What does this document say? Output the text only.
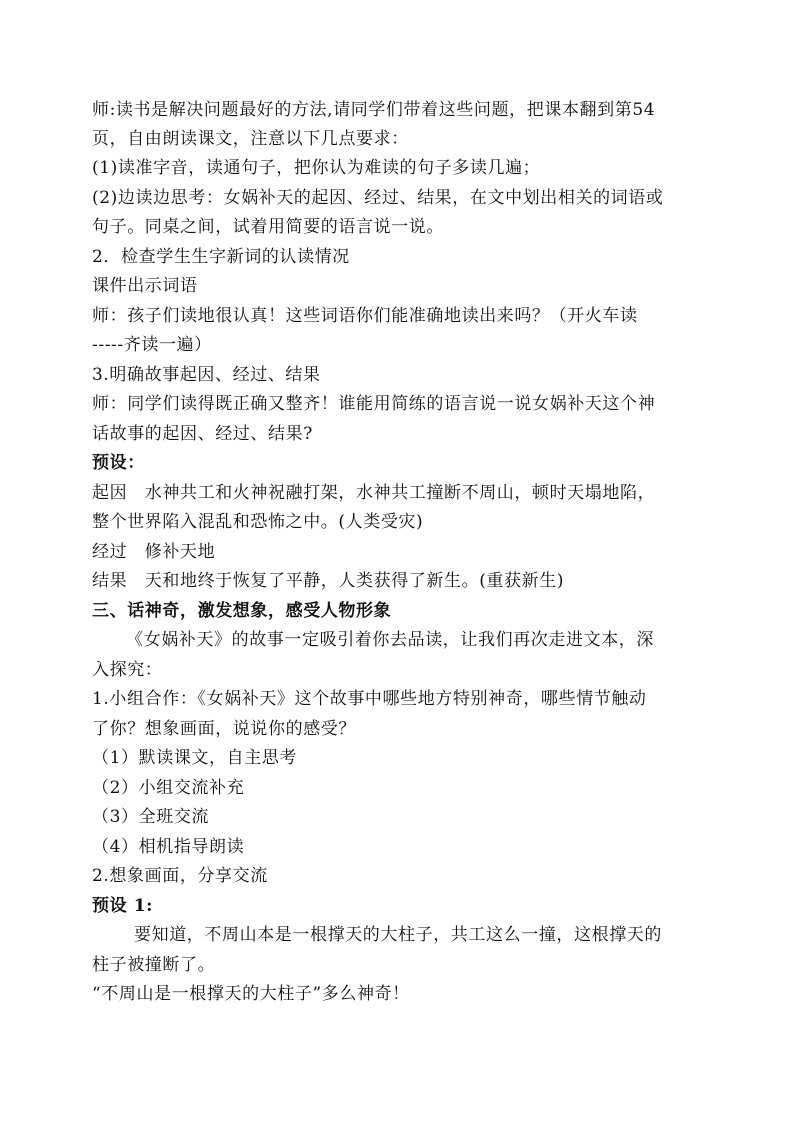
师:读书是解决问题最好的方法,请同学们带着这些问题，把课本翻到第54
页，自由朗读课文，注意以下几点要求：
(1)读准字音，读通句子，把你认为难读的句子多读几遍；
(2)边读边思考：女娲补天的起因、经过、结果，在文中划出相关的词语或
句子。同桌之间，试着用简要的语言说一说。
2．检查学生生字新词的认读情况
课件出示词语
师：孩子们读地很认真！这些词语你们能准确地读出来吗？（开火车读
-----齐读一遍）
3.明确故事起因、经过、结果
师：同学们读得既正确又整齐！谁能用简练的语言说一说女娲补天这个神
话故事的起因、经过、结果?
预设：
起因　水神共工和火神祝融打架，水神共工撞断不周山，顿时天塌地陷，
整个世界陷入混乱和恐怖之中。(人类受灾)
经过　修补天地
结果　天和地终于恢复了平静，人类获得了新生。(重获新生)
三、话神奇，激发想象，感受人物形象
《女娲补天》的故事一定吸引着你去品读，让我们再次走进文本，深
入探究：
1.小组合作：《女娲补天》这个故事中哪些地方特别神奇，哪些情节触动
了你？想象画面，说说你的感受？
（1）默读课文，自主思考
（2）小组交流补充
（3）全班交流
（4）相机指导朗读
2.想象画面，分享交流
预设 1:
要知道，不周山本是一根撑天的大柱子，共工这么一撞，这根撑天的
柱子被撞断了。
“不周山是一根撑天的大柱子”多么神奇！
